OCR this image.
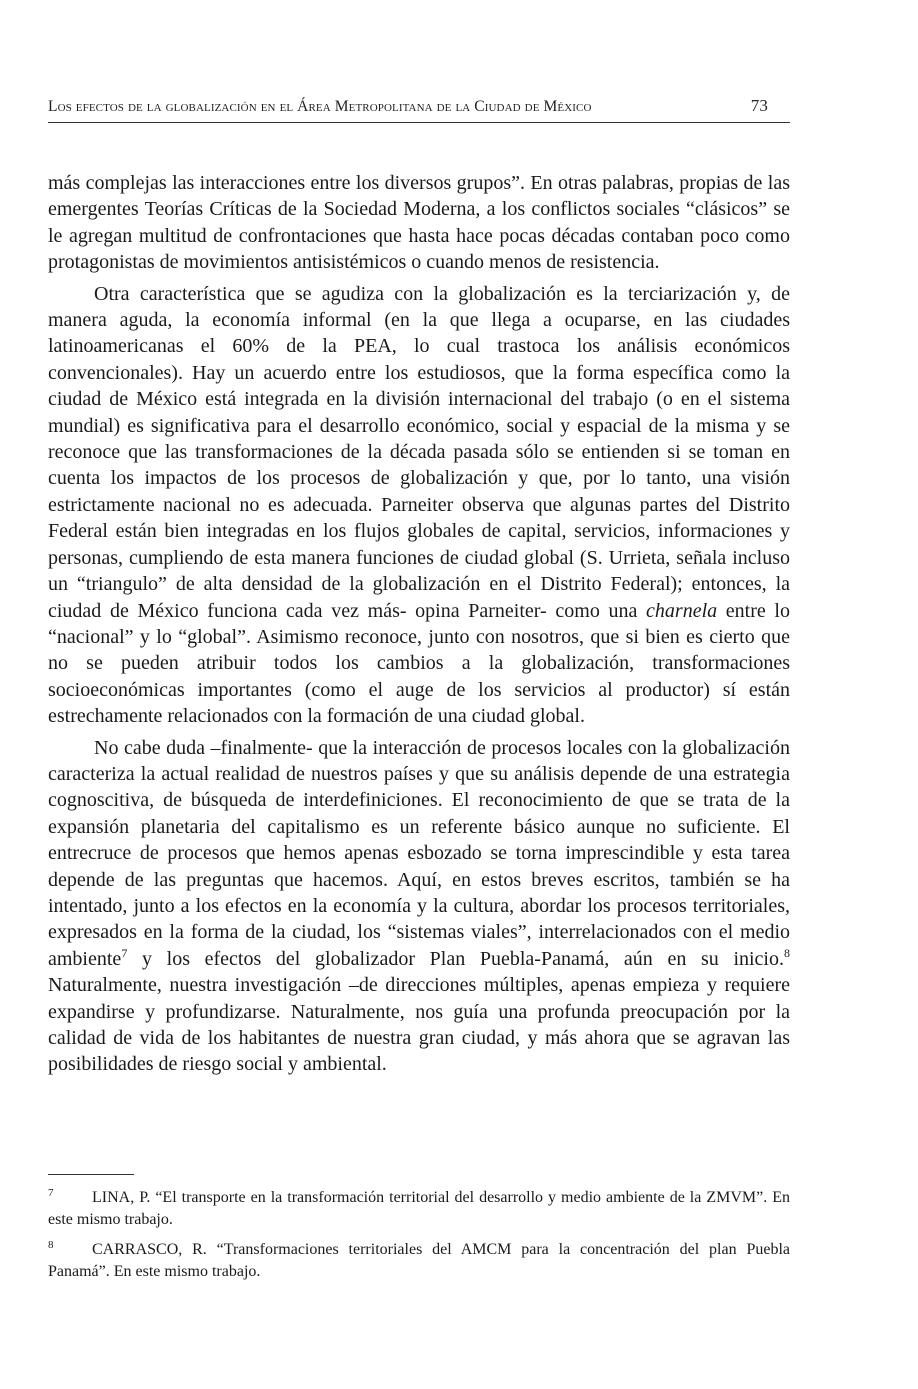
Los efectos de la globalización en el Área Metropolitana de la Ciudad de México	73

más complejas las interacciones entre los diversos grupos”. En otras palabras, propias de las emergentes Teorías Críticas de la Sociedad Moderna, a los conflictos sociales “clásicos” se le agregan multitud de confrontaciones que hasta hace pocas décadas contaban poco como protagonistas de movimientos antisistémicos o cuando menos de resistencia.

Otra característica que se agudiza con la globalización es la terciarización y, de manera aguda, la economía informal (en la que llega a ocuparse, en las ciudades latinoamericanas el 60% de la PEA, lo cual trastoca los análisis económicos convencionales). Hay un acuerdo entre los estudiosos, que la forma específica como la ciudad de México está integrada en la división internacional del trabajo (o en el sistema mundial) es significativa para el desarrollo económico, social y espacial de la misma y se reconoce que las transformaciones de la década pasada sólo se entienden si se toman en cuenta los impactos de los procesos de globalización y que, por lo tanto, una visión estrictamente nacional no es adecuada. Parneiter observa que algunas partes del Distrito Federal están bien integradas en los flujos globales de capital, servicios, informaciones y personas, cumpliendo de esta manera funciones de ciudad global (S. Urrieta, señala incluso un “triangulo” de alta densidad de la globalización en el Distrito Federal); entonces, la ciudad de México funciona cada vez más- opina Parneiter- como una charnela entre lo “nacional” y lo “global”. Asimismo reconoce, junto con nosotros, que si bien es cierto que no se pueden atribuir todos los cambios a la globalización, transformaciones socioeconómicas importantes (como el auge de los servicios al productor) sí están estrechamente relacionados con la formación de una ciudad global.

No cabe duda –finalmente- que la interacción de procesos locales con la globalización caracteriza la actual realidad de nuestros países y que su análisis depende de una estrategia cognoscitiva, de búsqueda de interdefiniciones. El reconocimiento de que se trata de la expansión planetaria del capitalismo es un referente básico aunque no suficiente. El entrecruce de procesos que hemos apenas esbozado se torna imprescindible y esta tarea depende de las preguntas que hacemos. Aquí, en estos breves escritos, también se ha intentado, junto a los efectos en la economía y la cultura, abordar los procesos territoriales, expresados en la forma de la ciudad, los “sistemas viales”, interrelacionados con el medio ambiente$^7$ y los efectos del globalizador Plan Puebla-Panamá, aún en su inicio.$^8$ Naturalmente, nuestra investigación –de direcciones múltiples, apenas empieza y requiere expandirse y profundizarse. Naturalmente, nos guía una profunda preocupación por la calidad de vida de los habitantes de nuestra gran ciudad, y más ahora que se agravan las posibilidades de riesgo social y ambiental.

7 LINA, P. “El transporte en la transformación territorial del desarrollo y medio ambiente de la ZMVM”. En este mismo trabajo.
8 CARRASCO, R. “Transformaciones territoriales del AMCM para la concentración del plan Puebla Panamá”. En este mismo trabajo.
